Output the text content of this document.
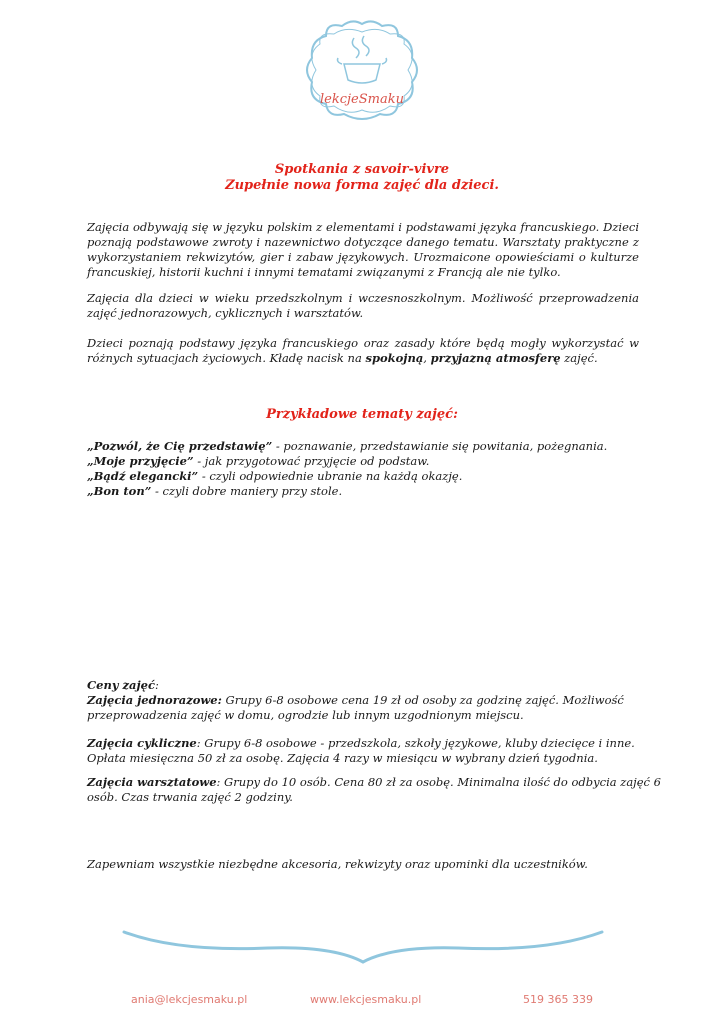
lekcjeSmaku
Spotkania z savoir-vivre
Zupełnie nowa forma zajęć dla dzieci.
Zajęcia odbywają się w języku polskim z elementami i podstawami języka francuskiego. Dzieci poznają podstawowe zwroty i nazewnictwo dotyczące danego tematu. Warsztaty praktyczne z wykorzystaniem rekwizytów, gier i zabaw językowych. Urozmaicone opowieściami o kulturze francuskiej, historii kuchni i innymi tematami związanymi z Francją ale nie tylko.
Zajęcia dla dzieci w wieku przedszkolnym i wczesnoszkolnym. Możliwość przeprowadzenia zajęć jednorazowych, cyklicznych i warsztatów.
Dzieci poznają podstawy języka francuskiego oraz zasady które będą mogły wykorzystać w różnych sytuacjach życiowych. Kładę nacisk na spokojną, przyjazną atmosferę zajęć.
Przykładowe tematy zajęć:
„Pozwól, że Cię przedstawię” - poznawanie, przedstawianie się powitania, pożegnania.
„Moje przyjęcie” - jak przygotować przyjęcie od podstaw.
„Bądź elegancki” - czyli odpowiednie ubranie na każdą okazję.
„Bon ton” - czyli dobre maniery przy stole.
Ceny zajęć:
Zajęcia jednorazowe: Grupy 6-8 osobowe cena 19 zł od osoby za godzinę zajęć. Możliwość przeprowadzenia zajęć w domu, ogrodzie lub innym uzgodnionym miejscu.
Zajęcia cykliczne: Grupy 6-8 osobowe - przedszkola, szkoły językowe, kluby dziecięce i inne. Opłata miesięczna 50 zł za osobę. Zajęcia 4 razy w miesiącu w wybrany dzień tygodnia.
Zajęcia warsztatowe: Grupy do 10 osób. Cena 80 zł za osobę. Minimalna ilość do odbycia zajęć 6 osób. Czas trwania zajęć 2 godziny.
Zapewniam wszystkie niezbędne akcesoria, rekwizyty oraz upominki dla uczestników.
ania@lekcjesmaku.pl	www.lekcjesmaku.pl	519 365 339
